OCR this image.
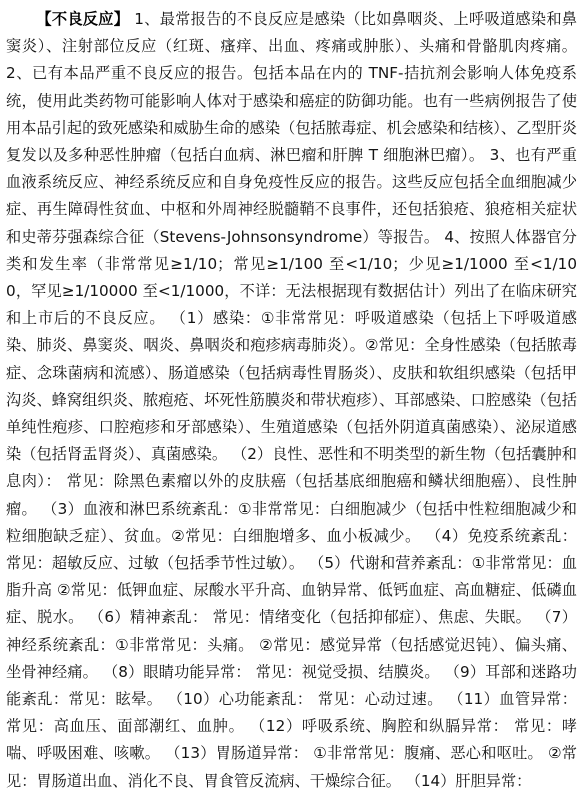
【不良反应】 1、最常报告的不良反应是感染（比如鼻咽炎、上呼吸道感染和鼻窦炎）、注射部位反应（红斑、瘙痒、出血、疼痛或肿胀）、头痛和骨骼肌肉疼痛。 2、已有本品严重不良反应的报告。包括本品在内的 TNF-拮抗剂会影响人体免疫系统，使用此类药物可能影响人体对于感染和癌症的防御功能。也有一些病例报告了使用本品引起的致死感染和威胁生命的感染（包括脓毒症、机会感染和结核）、乙型肝炎复发以及多种恶性肿瘤（包括白血病、淋巴瘤和肝脾 T 细胞淋巴瘤）。 3、也有严重血液系统反应、神经系统反应和自身免疫性反应的报告。这些反应包括全血细胞减少症、再生障碍性贫血、中枢和外周神经脱髓鞘不良事件，还包括狼疮、狼疮相关症状和史蒂芬强森综合征（Stevens-Johnsonsyndrome）等报告。 4、按照人体器官分类和发生率（非常常见≥1/10；常见≥1/100 至<1/10；少见≥1/1000 至<1/100，罕见≥1/10000 至<1/1000，不详：无法根据现有数据估计）列出了在临床研究和上市后的不良反应。 （1）感染：①非常常见：呼吸道感染（包括上下呼吸道感染、肺炎、鼻窦炎、咽炎、鼻咽炎和疱疹病毒肺炎）。②常见：全身性感染（包括脓毒症、念珠菌病和流感）、肠道感染（包括病毒性胃肠炎）、皮肤和软组织感染（包括甲沟炎、蜂窝组织炎、脓疱疮、坏死性筋膜炎和带状疱疹）、耳部感染、口腔感染（包括单纯性疱疹、口腔疱疹和牙部感染）、生殖道感染（包括外阴道真菌感染）、泌尿道感染（包括肾盂肾炎）、真菌感染。 （2）良性、恶性和不明类型的新生物（包括囊肿和息肉）： 常见：除黑色素瘤以外的皮肤癌（包括基底细胞癌和鳞状细胞癌）、良性肿瘤。 （3）血液和淋巴系统紊乱：①非常常见：白细胞减少（包括中性粒细胞减少和粒细胞缺乏症）、贫血。②常见：白细胞增多、血小板减少。 （4）免疫系统紊乱： 常见：超敏反应、过敏（包括季节性过敏）。 （5）代谢和营养紊乱：①非常常见：血脂升高 ②常见：低钾血症、尿酸水平升高、血钠异常、低钙血症、高血糖症、低磷血症、脱水。 （6）精神紊乱： 常见：情绪变化（包括抑郁症）、焦虑、失眠。 （7）神经系统紊乱：①非常常见：头痛。 ②常见：感觉异常（包括感觉迟钝）、偏头痛、坐骨神经痛。 （8）眼睛功能异常： 常见：视觉受损、结膜炎。 （9）耳部和迷路功能紊乱：常见：眩晕。 （10）心功能紊乱： 常见：心动过速。 （11）血管异常： 常见：高血压、面部潮红、血肿。 （12）呼吸系统、胸腔和纵膈异常： 常见：哮喘、呼吸困难、咳嗽。 （13）胃肠道异常： ①非常常见：腹痛、恶心和呕吐。 ②常见：胃肠道出血、消化不良、胃食管反流病、干燥综合征。 （14）肝胆异常：
